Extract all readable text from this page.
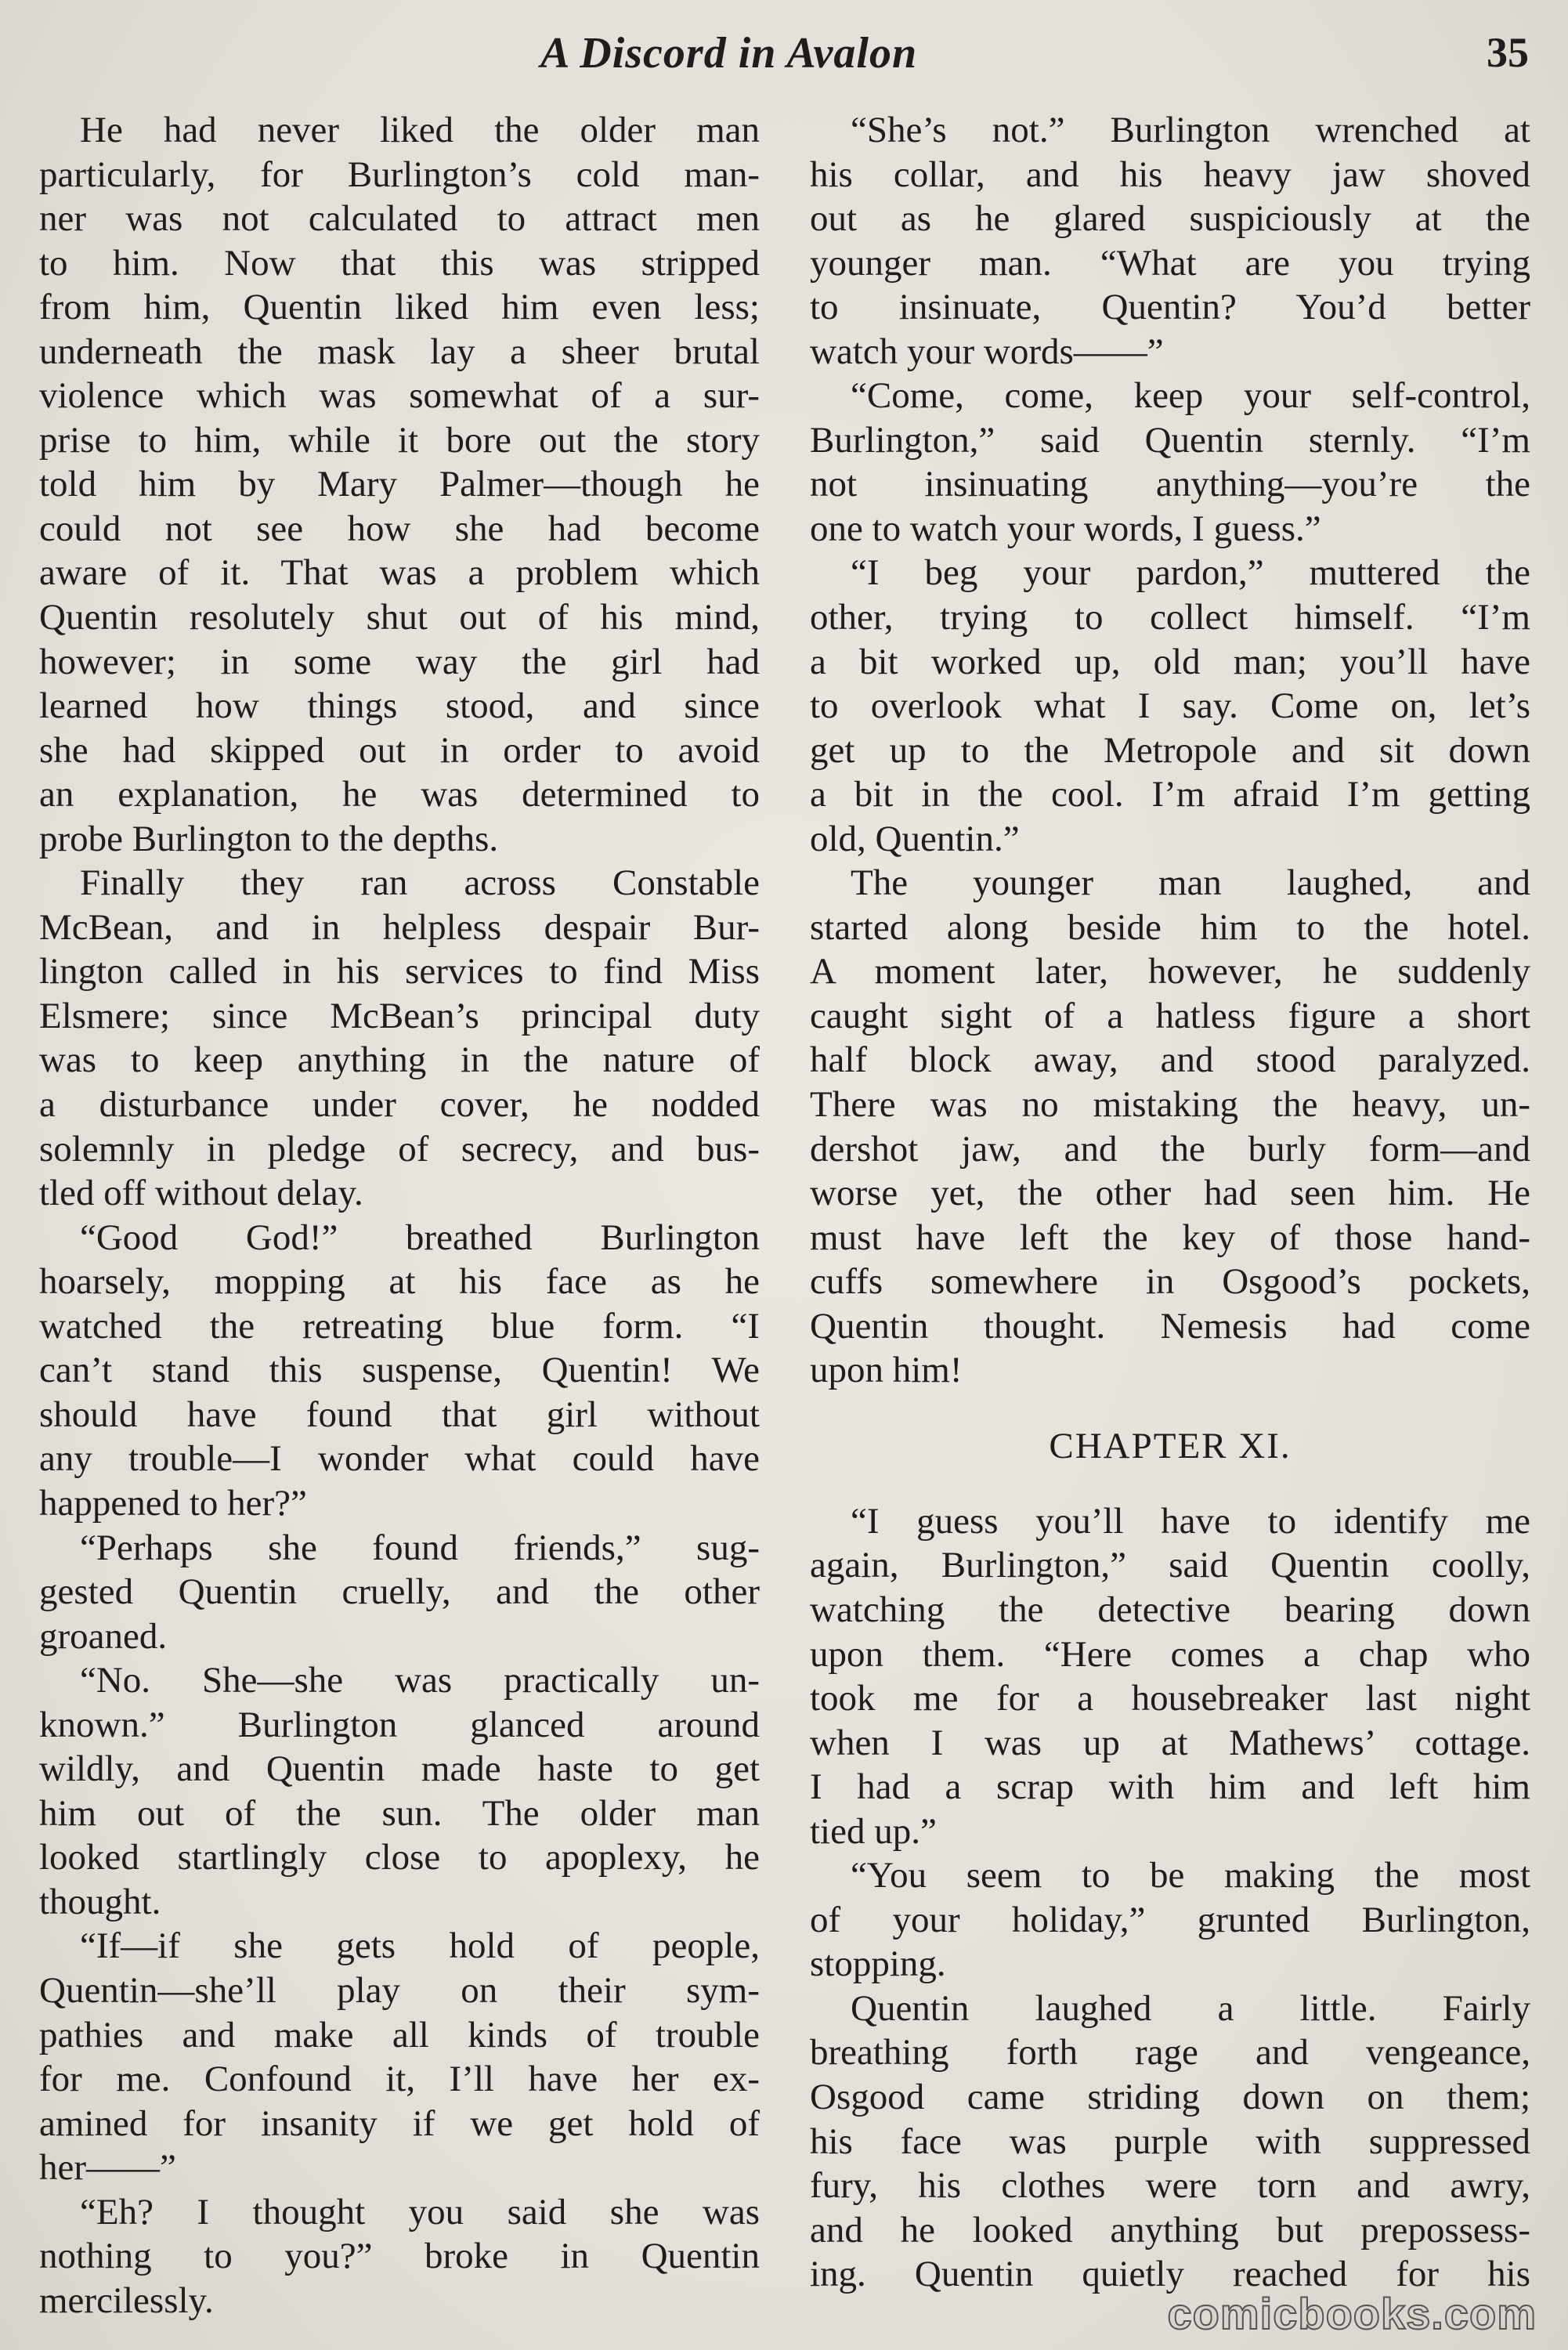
A Discord in Avalon	35
He had never liked the older man
particularly, for Burlington’s cold man-
ner was not calculated to attract men
to him. Now that this was stripped
from him, Quentin liked him even less;
underneath the mask lay a sheer brutal
violence which was somewhat of a sur-
prise to him, while it bore out the story
told him by Mary Palmer—though he
could not see how she had become
aware of it. That was a problem which
Quentin resolutely shut out of his mind,
however; in some way the girl had
learned how things stood, and since
she had skipped out in order to avoid
an explanation, he was determined to
probe Burlington to the depths.
Finally they ran across Constable
McBean, and in helpless despair Bur-
lington called in his services to find Miss
Elsmere; since McBean’s principal duty
was to keep anything in the nature of
a disturbance under cover, he nodded
solemnly in pledge of secrecy, and bus-
tled off without delay.
“Good God!” breathed Burlington
hoarsely, mopping at his face as he
watched the retreating blue form. “I
can’t stand this suspense, Quentin! We
should have found that girl without
any trouble—I wonder what could have
happened to her?”
“Perhaps she found friends,” sug-
gested Quentin cruelly, and the other
groaned.
“No. She—she was practically un-
known.” Burlington glanced around
wildly, and Quentin made haste to get
him out of the sun. The older man
looked startlingly close to apoplexy, he
thought.
“If—if she gets hold of people,
Quentin—she’ll play on their sym-
pathies and make all kinds of trouble
for me. Confound it, I’ll have her ex-
amined for insanity if we get hold of
her——”
“Eh? I thought you said she was
nothing to you?” broke in Quentin
mercilessly.
“She’s not.” Burlington wrenched at
his collar, and his heavy jaw shoved
out as he glared suspiciously at the
younger man. “What are you trying
to insinuate, Quentin? You’d better
watch your words——”
“Come, come, keep your self-control,
Burlington,” said Quentin sternly. “I’m
not insinuating anything—you’re the
one to watch your words, I guess.”
“I beg your pardon,” muttered the
other, trying to collect himself. “I’m
a bit worked up, old man; you’ll have
to overlook what I say. Come on, let’s
get up to the Metropole and sit down
a bit in the cool. I’m afraid I’m getting
old, Quentin.”
The younger man laughed, and
started along beside him to the hotel.
A moment later, however, he suddenly
caught sight of a hatless figure a short
half block away, and stood paralyzed.
There was no mistaking the heavy, un-
dershot jaw, and the burly form—and
worse yet, the other had seen him. He
must have left the key of those hand-
cuffs somewhere in Osgood’s pockets,
Quentin thought. Nemesis had come
upon him!
CHAPTER XI.
“I guess you’ll have to identify me
again, Burlington,” said Quentin coolly,
watching the detective bearing down
upon them. “Here comes a chap who
took me for a housebreaker last night
when I was up at Mathews’ cottage.
I had a scrap with him and left him
tied up.”
“You seem to be making the most
of your holiday,” grunted Burlington,
stopping.
Quentin laughed a little. Fairly
breathing forth rage and vengeance,
Osgood came striding down on them;
his face was purple with suppressed
fury, his clothes were torn and awry,
and he looked anything but prepossess-
ing. Quentin quietly reached for his
comicbooks.com
